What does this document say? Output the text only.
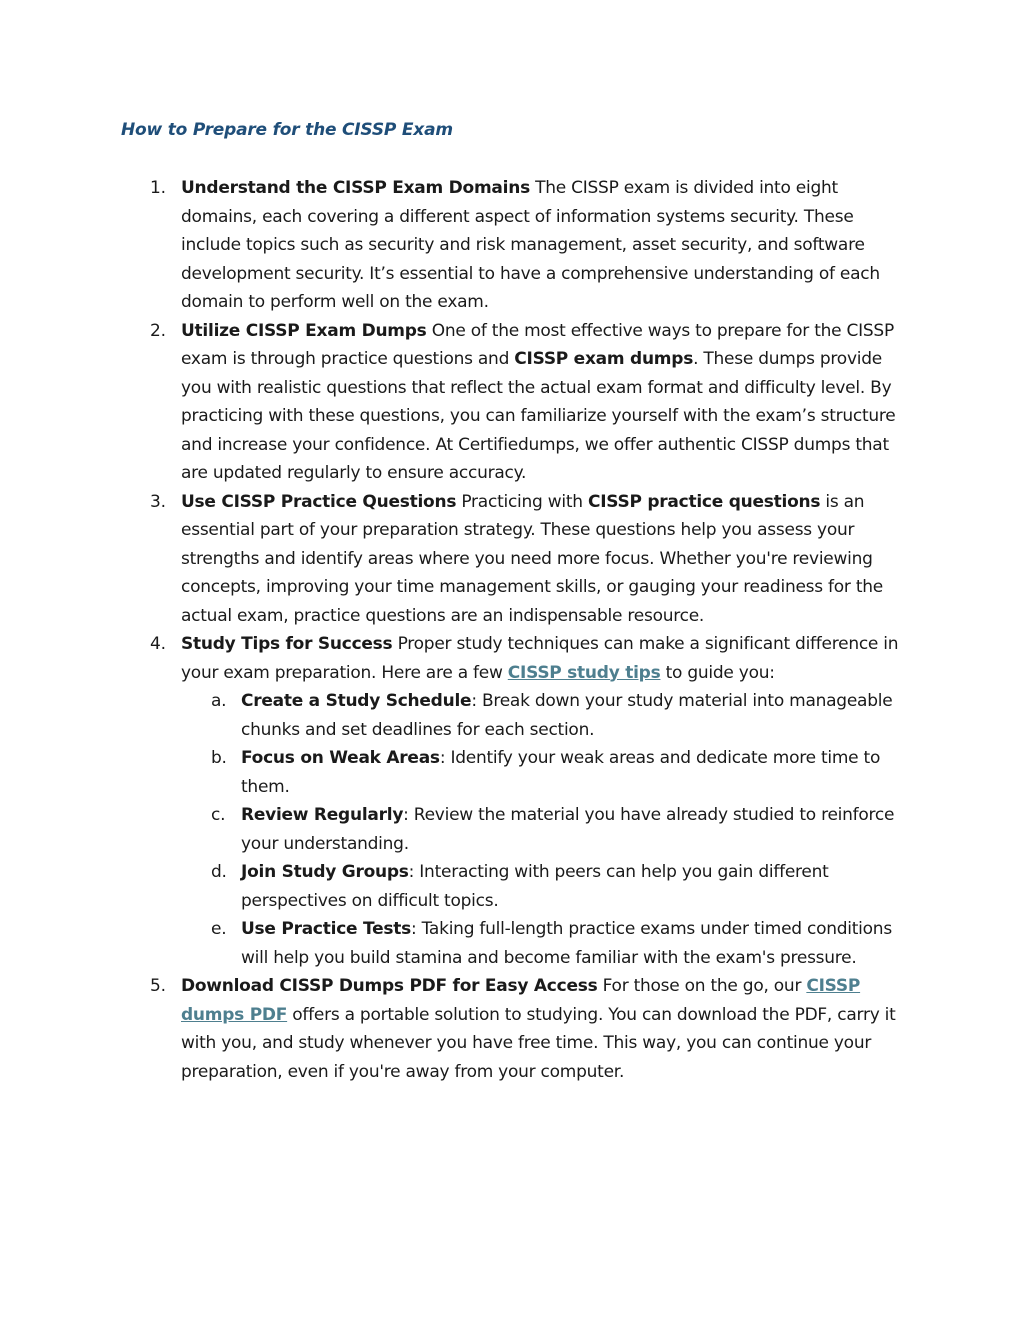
How to Prepare for the CISSP Exam
1. Understand the CISSP Exam Domains The CISSP exam is divided into eight domains, each covering a different aspect of information systems security. These include topics such as security and risk management, asset security, and software development security. It’s essential to have a comprehensive understanding of each domain to perform well on the exam.
2. Utilize CISSP Exam Dumps One of the most effective ways to prepare for the CISSP exam is through practice questions and CISSP exam dumps. These dumps provide you with realistic questions that reflect the actual exam format and difficulty level. By practicing with these questions, you can familiarize yourself with the exam’s structure and increase your confidence. At Certifiedumps, we offer authentic CISSP dumps that are updated regularly to ensure accuracy.
3. Use CISSP Practice Questions Practicing with CISSP practice questions is an essential part of your preparation strategy. These questions help you assess your strengths and identify areas where you need more focus. Whether you're reviewing concepts, improving your time management skills, or gauging your readiness for the actual exam, practice questions are an indispensable resource.
4. Study Tips for Success Proper study techniques can make a significant difference in your exam preparation. Here are a few CISSP study tips to guide you:
a. Create a Study Schedule: Break down your study material into manageable chunks and set deadlines for each section.
b. Focus on Weak Areas: Identify your weak areas and dedicate more time to them.
c. Review Regularly: Review the material you have already studied to reinforce your understanding.
d. Join Study Groups: Interacting with peers can help you gain different perspectives on difficult topics.
e. Use Practice Tests: Taking full-length practice exams under timed conditions will help you build stamina and become familiar with the exam's pressure.
5. Download CISSP Dumps PDF for Easy Access For those on the go, our CISSP dumps PDF offers a portable solution to studying. You can download the PDF, carry it with you, and study whenever you have free time. This way, you can continue your preparation, even if you're away from your computer.
